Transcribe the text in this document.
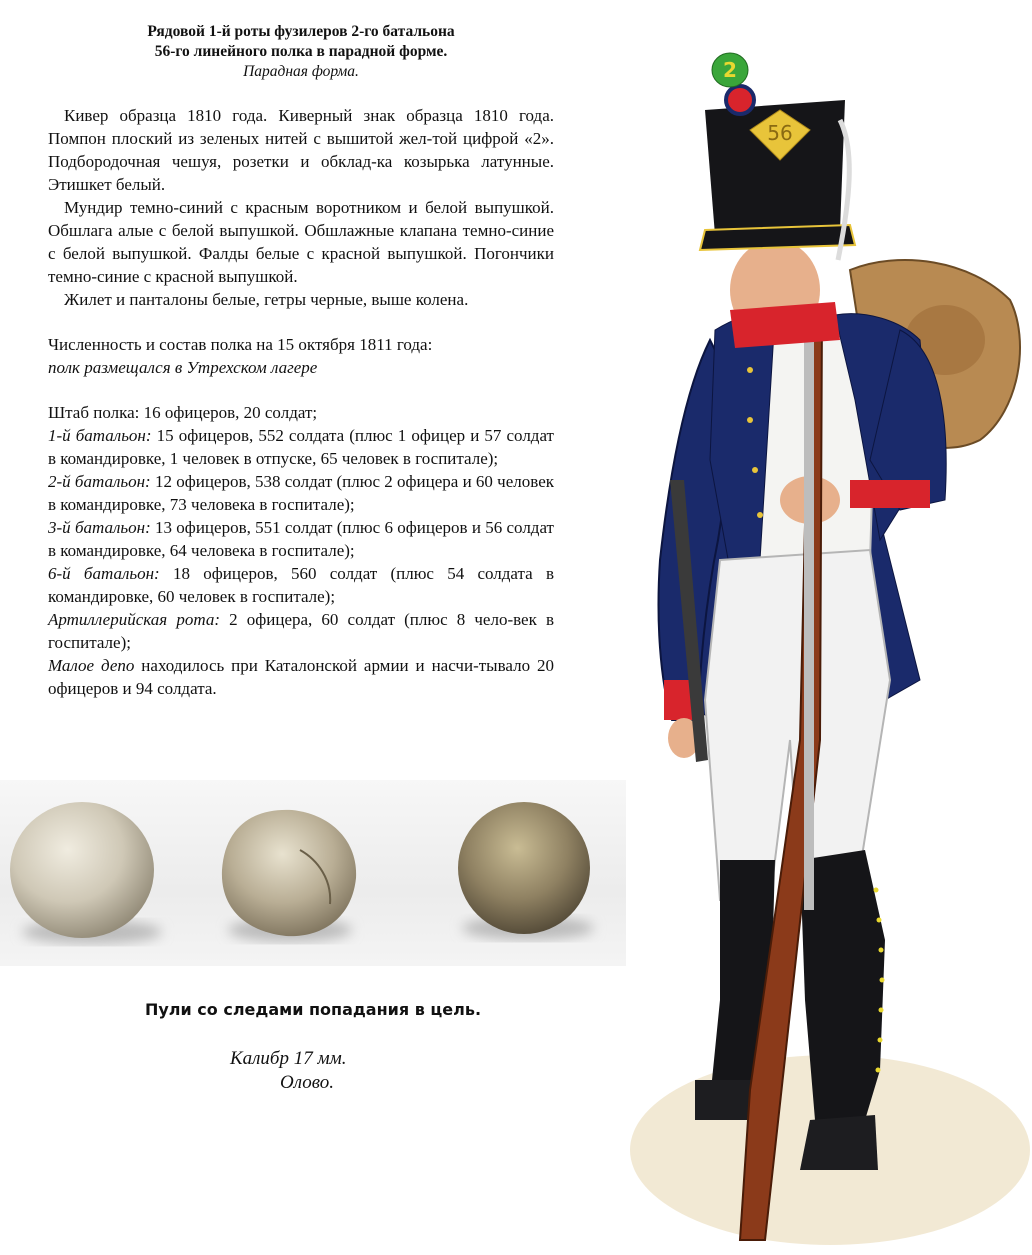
Рядовой 1-й роты фузилеров 2-го батальона
56-го линейного полка в парадной форме.
Парадная форма.

Кивер образца 1810 года. Киверный знак образца 1810 года. Помпон плоский из зеленых нитей с вышитой жел-той цифрой «2». Подбородочная чешуя, розетки и обклад-ка козырька латунные. Этишкет белый.

Мундир темно-синий с красным воротником и белой выпушкой. Обшлага алые с белой выпушкой. Обшлажные клапана темно-синие с белой выпушкой. Фалды белые с красной выпушкой. Погончики темно-синие с красной выпушкой.

Жилет и панталоны белые, гетры черные, выше колена.

Численность и состав полка на 15 октября 1811 года:

полк размещался в Утрехском лагере

Штаб полка: 16 офицеров, 20 солдат;

1-й батальон: 15 офицеров, 552 солдата (плюс 1 офицер и 57 солдат в командировке, 1 человек в отпуске, 65 человек в госпитале);

2-й батальон: 12 офицеров, 538 солдат (плюс 2 офицера и 60 человек в командировке, 73 человека в госпитале);

3-й батальон: 13 офицеров, 551 солдат (плюс 6 офицеров и 56 солдат в командировке, 64 человека в госпитале);

6-й батальон: 18 офицеров, 560 солдат (плюс 54 солдата в командировке, 60 человек в госпитале);

Артиллерийская рота: 2 офицера, 60 солдат (плюс 8 чело-век в госпитале);

Малое депо находилось при Каталонской армии и насчи-тывало 20 офицеров и 94 солдата.

Пули со следами попадания в цель.
Калибр 17 мм.
Олово.
56
2
